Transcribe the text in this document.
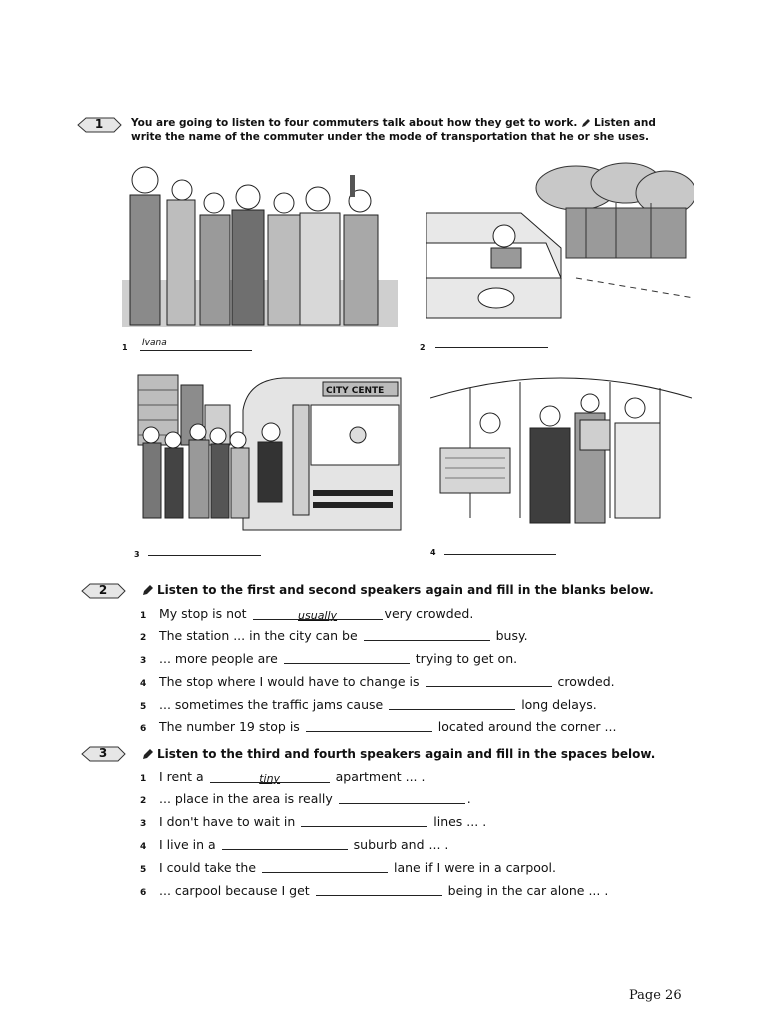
1	You are going to listen to four commuters talk about how they get to work. Listen and
write the name of the commuter under the mode of transportation that he or she uses.
1 Ivana	2
CITY CENTE
3	4
2	Listen to the first and second speakers again and fill in the blanks below.
1 My stop is not	usually	very crowded.
2 The station ... in the city can be	busy.
3 ... more people are	trying to get on.
4 The stop where I would have to change is	crowded.
5 ... sometimes the traffic jams cause	long delays.
6 The number 19 stop is	located around the corner ...
3	Listen to the third and fourth speakers again and fill in the spaces below.
1 I rent a	tiny	apartment ... .
2 ... place in the area is really	.
3 I don't have to wait in	lines ... .
4 I live in a	suburb and ... .
5 I could take the	lane if I were in a carpool.
6 ... carpool because I get	being in the car alone ... .
Page 26
